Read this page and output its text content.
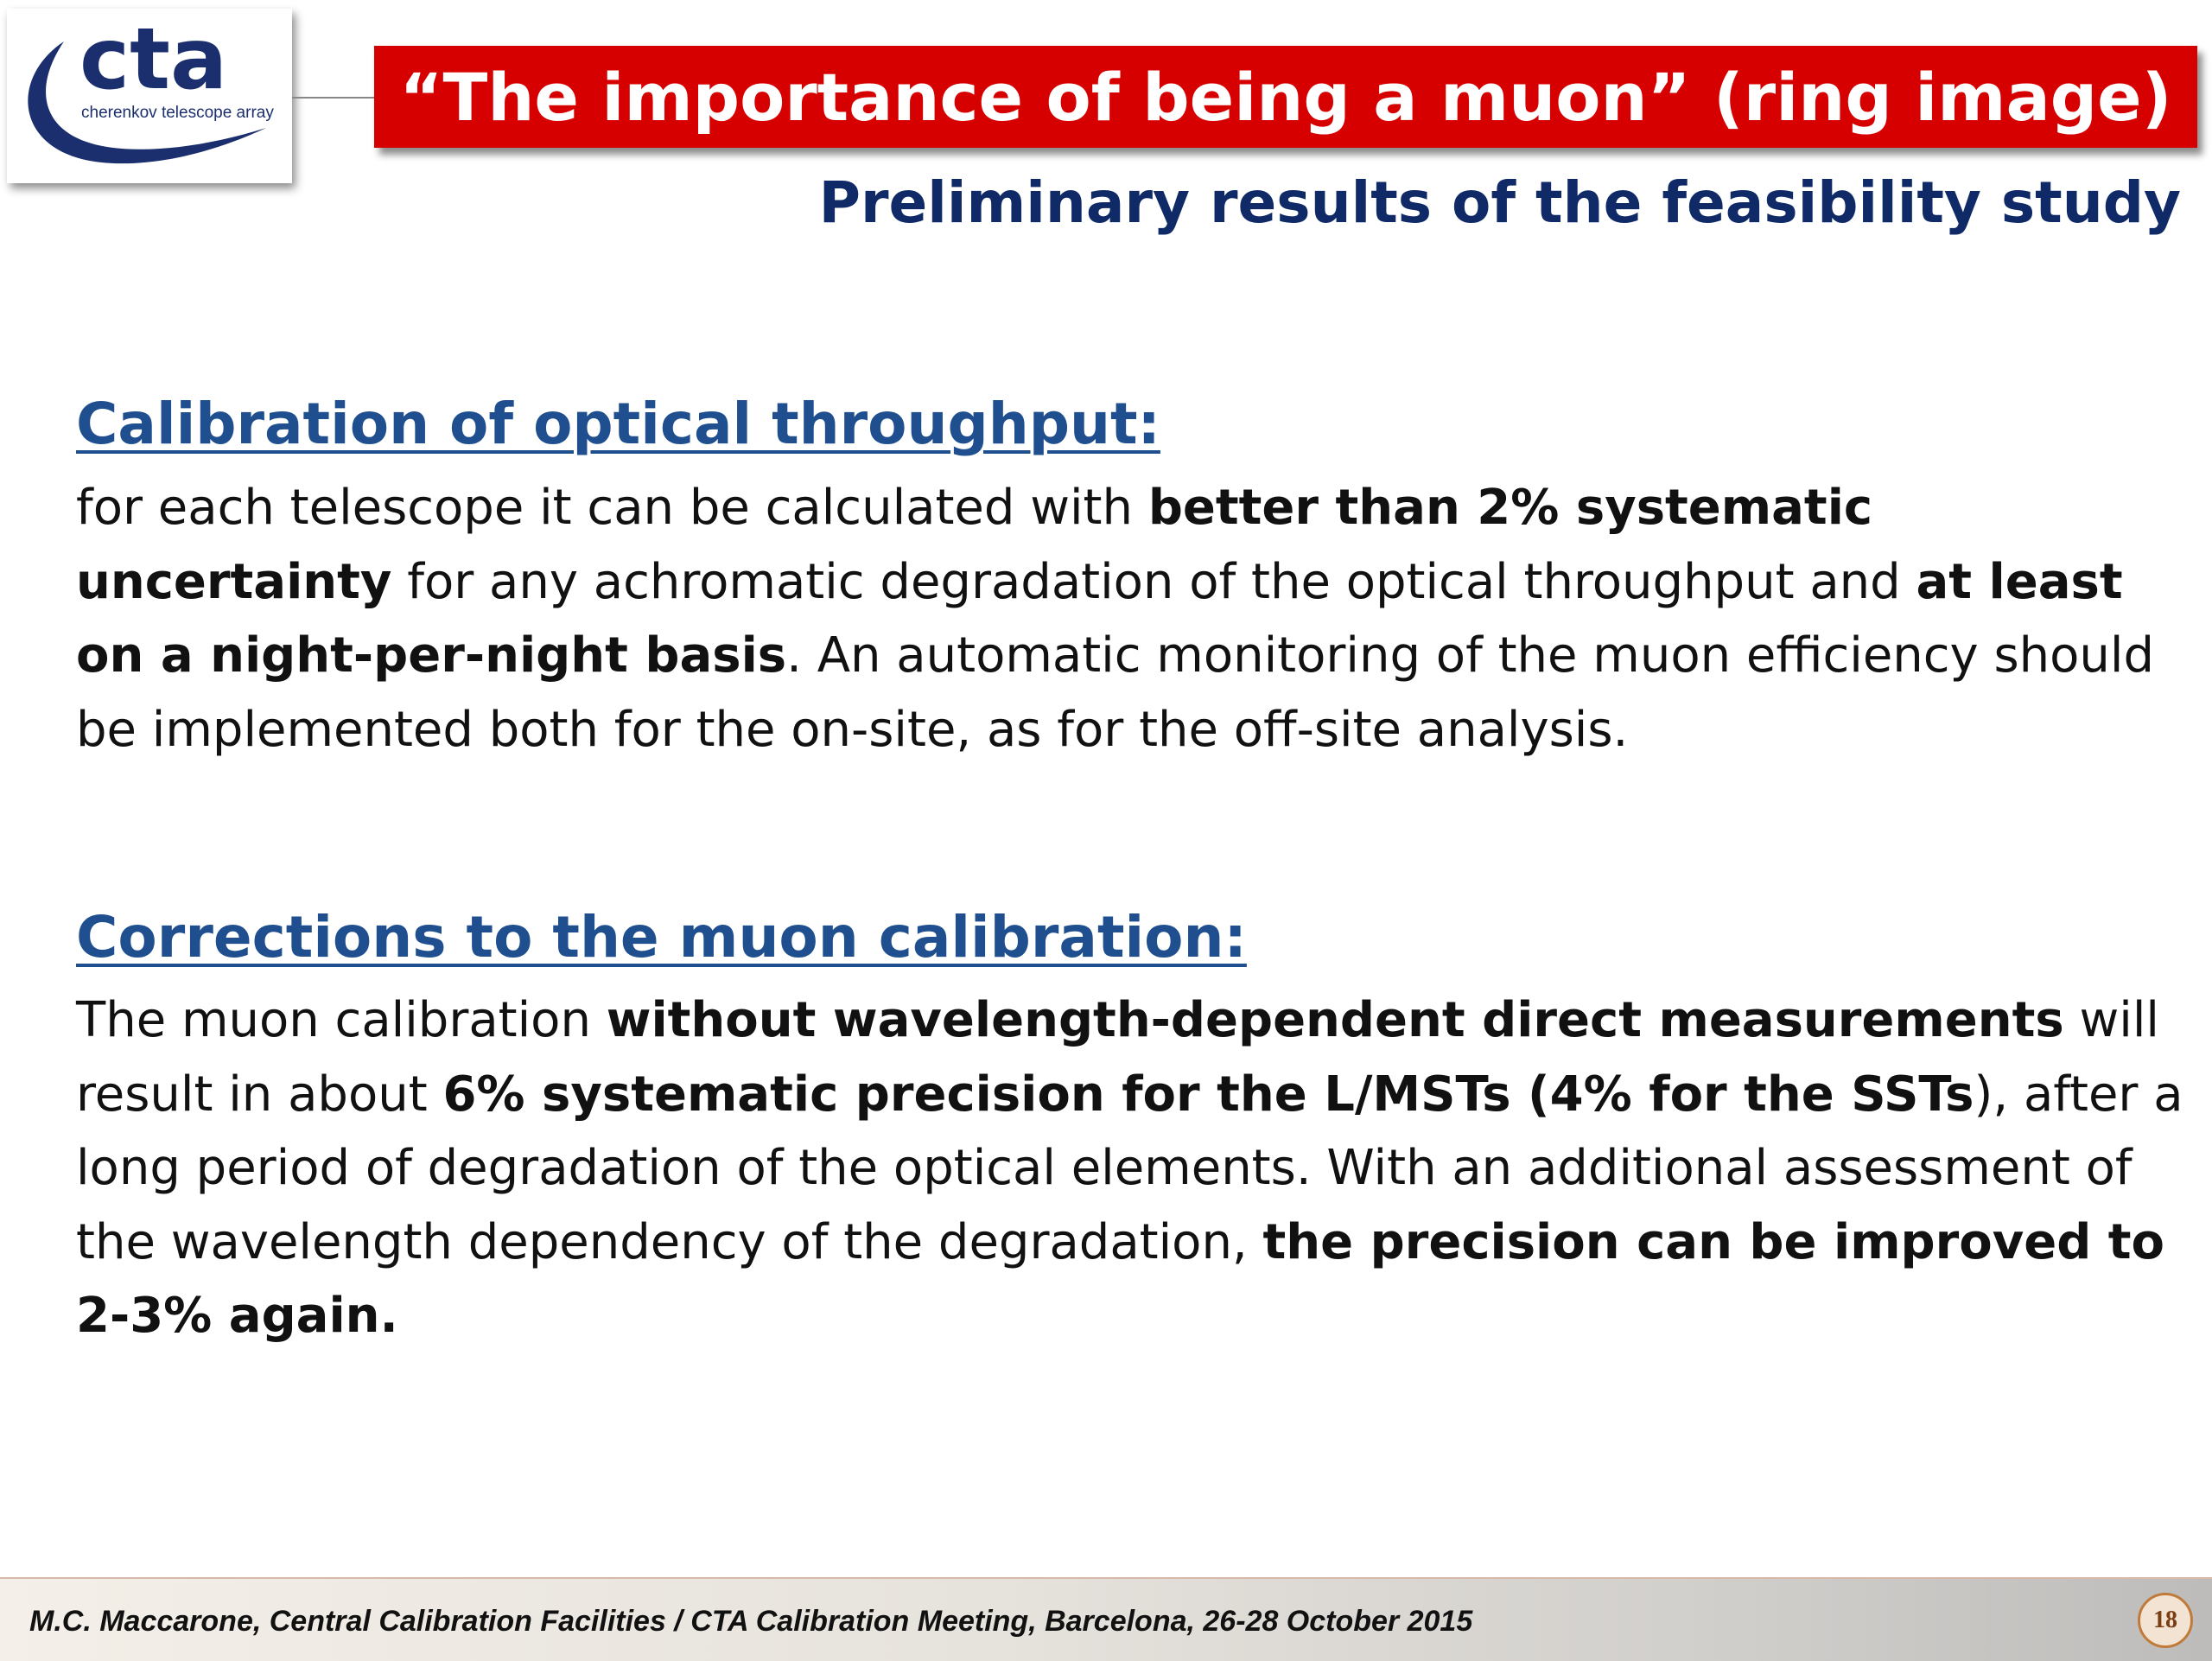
cta
cherenkov telescope array “The importance of being a muon” (ring image)
Preliminary results of the feasibility study
Calibration of optical throughput:
for each telescope it can be calculated with better than 2% systematic uncertainty for any achromatic degradation of the optical throughput and at least on a night-per-night basis. An automatic monitoring of the muon efficiency should be implemented both for the on-site, as for the off-site analysis.
Corrections to the muon calibration:
The muon calibration without wavelength-dependent direct measurements will result in about 6% systematic precision for the L/MSTs (4% for the SSTs), after a long period of degradation of the optical elements. With an additional assessment of the wavelength dependency of the degradation, the precision can be improved to 2-3% again.
M.C. Maccarone, Central Calibration Facilities / CTA Calibration Meeting, Barcelona, 26-28 October 2015	18
